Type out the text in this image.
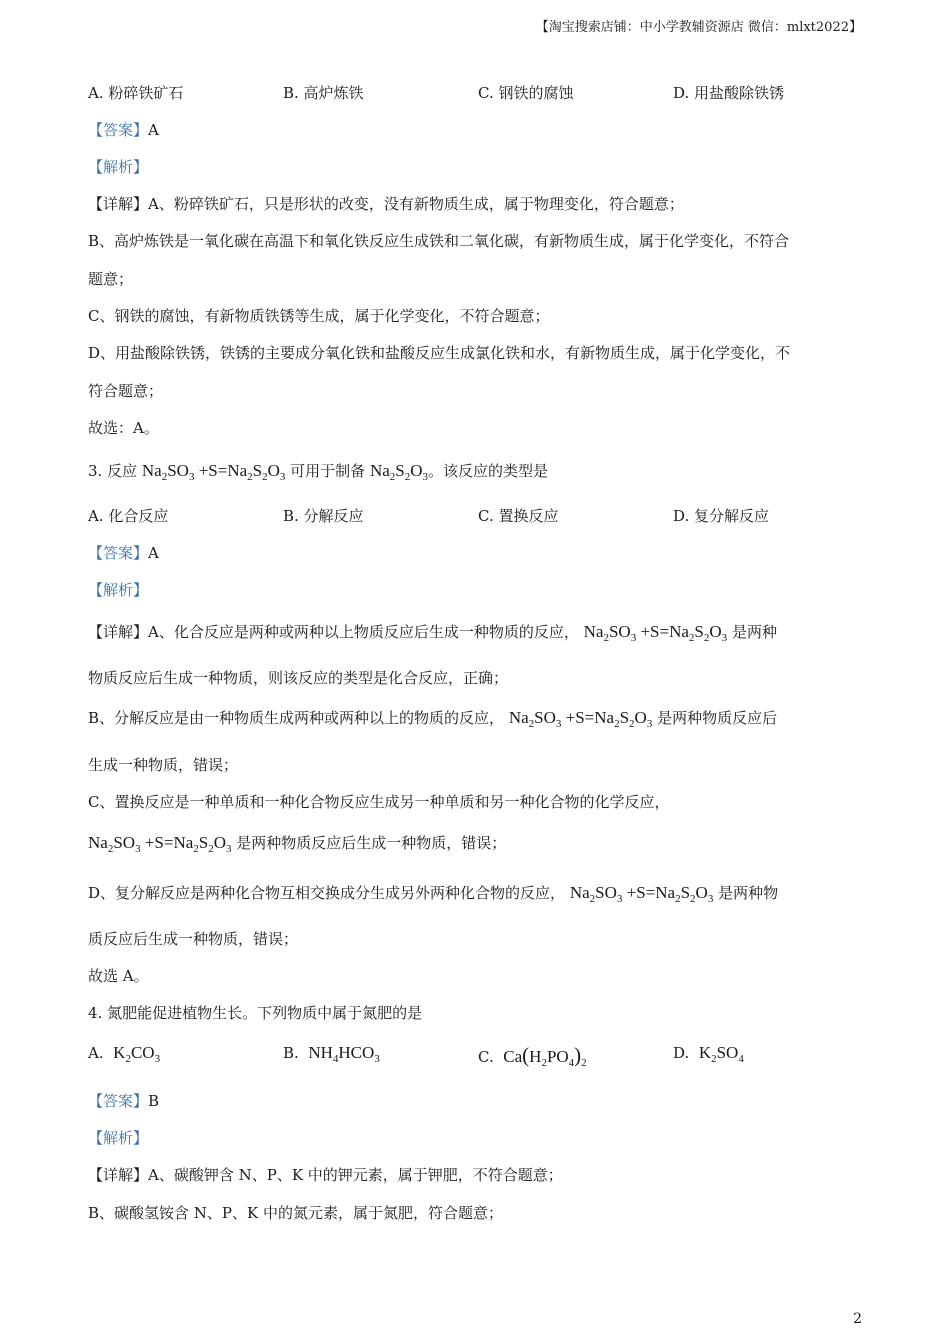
【淘宝搜索店铺：中小学教辅资源店 微信：mlxt2022】
A. 粉碎铁矿石	B. 高炉炼铁	C. 钢铁的腐蚀	D. 用盐酸除铁锈
【答案】A
【解析】
【详解】A、粉碎铁矿石，只是形状的改变，没有新物质生成，属于物理变化，符合题意；
B、高炉炼铁是一氧化碳在高温下和氧化铁反应生成铁和二氧化碳，有新物质生成，属于化学变化，不符合
题意；
C、钢铁的腐蚀，有新物质铁锈等生成，属于化学变化，不符合题意；
D、用盐酸除铁锈，铁锈的主要成分氧化铁和盐酸反应生成氯化铁和水，有新物质生成，属于化学变化，不
符合题意；
故选：A。
3. 反应 $Na_2SO_3 +S=Na_2S_2O_3$ 可用于制备 $Na_2S_2O_3$。该反应的类型是
A. 化合反应	B. 分解反应	C. 置换反应	D. 复分解反应
【答案】A
【解析】
【详解】A、化合反应是两种或两种以上物质反应后生成一种物质的反应， $Na_2SO_3 +S=Na_2S_2O_3$ 是两种
物质反应后生成一种物质，则该反应的类型是化合反应，正确；
B、分解反应是由一种物质生成两种或两种以上的物质的反应， $Na_2SO_3 +S=Na_2S_2O_3$ 是两种物质反应后
生成一种物质，错误；
C、置换反应是一种单质和一种化合物反应生成另一种单质和另一种化合物的化学反应，
$Na_2SO_3 +S=Na_2S_2O_3$ 是两种物质反应后生成一种物质，错误；
D、复分解反应是两种化合物互相交换成分生成另外两种化合物的反应， $Na_2SO_3 +S=Na_2S_2O_3$ 是两种物
质反应后生成一种物质，错误；
故选 A。
4. 氮肥能促进植物生长。下列物质中属于氮肥的是
A. $K_2CO_3$	B. $NH_4HCO_3$	C. $Ca(H_2PO_4)_2$
D. $K_2SO_4$
【答案】B
【解析】
【详解】A、碳酸钾含 N、P、K 中的钾元素，属于钾肥，不符合题意；
B、碳酸氢铵含 N、P、K 中的氮元素，属于氮肥，符合题意；
2
